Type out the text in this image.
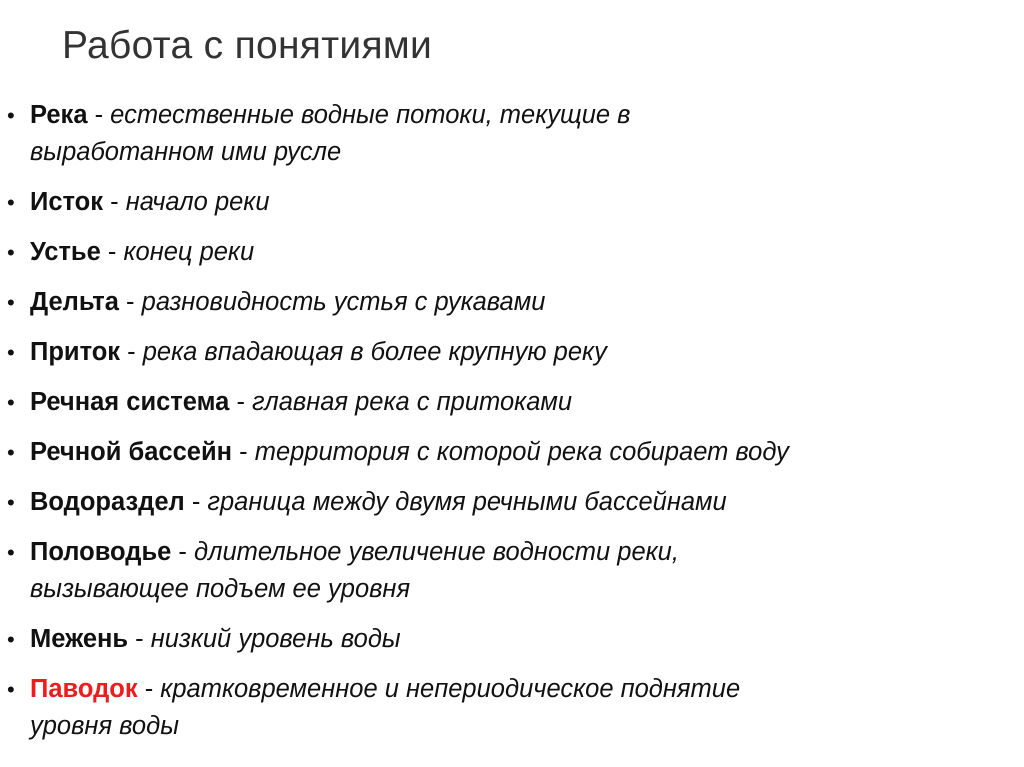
Работа с понятиями
• Река - естественные водные потоки, текущие в
выработанном ими русле
• Исток - начало реки
• Устье - конец реки
• Дельта - разновидность устья с рукавами
• Приток - река впадающая в более крупную реку
• Речная система - главная река с притоками
• Речной бассейн - территория с которой река собирает воду
• Водораздел - граница между двумя речными бассейнами
• Половодье - длительное увеличение водности реки,
вызывающее подъем ее уровня
• Межень - низкий уровень воды
• Паводок - кратковременное и непериодическое поднятие
уровня воды
